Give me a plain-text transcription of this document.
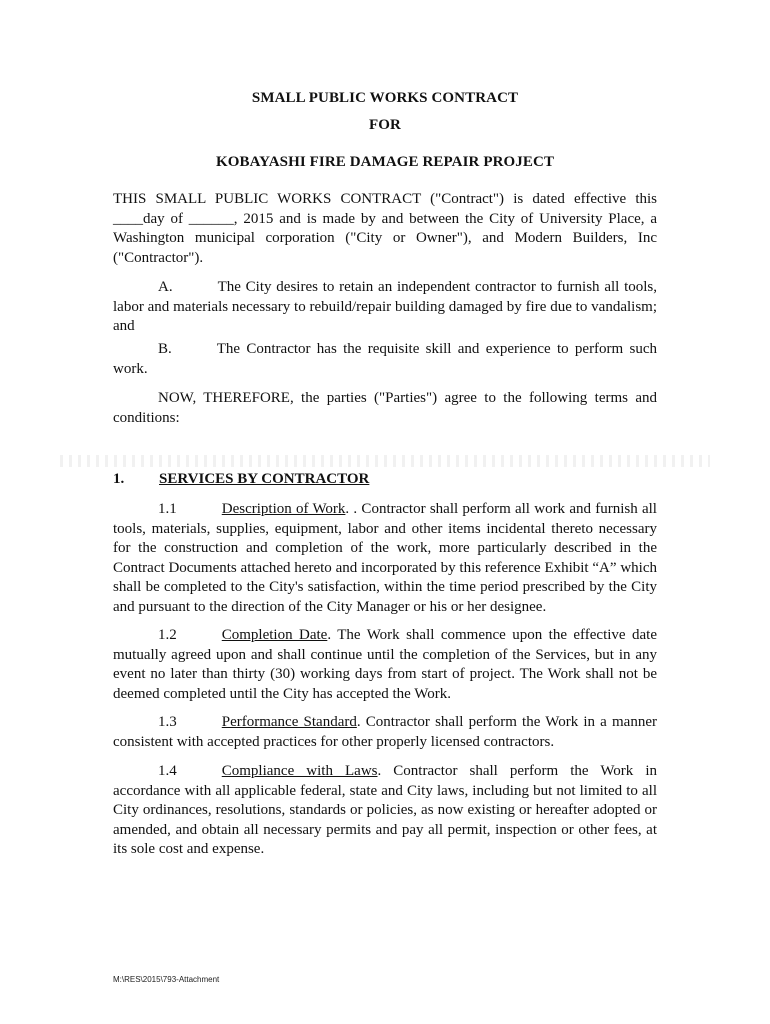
SMALL PUBLIC WORKS CONTRACT
FOR
KOBAYASHI FIRE DAMAGE REPAIR PROJECT
THIS SMALL PUBLIC WORKS CONTRACT ("Contract") is dated effective this ____day of ______, 2015 and is made by and between the City of University Place, a Washington municipal corporation ("City or Owner"), and Modern Builders, Inc ("Contractor").
A.	The City desires to retain an independent contractor to furnish all tools, labor and materials necessary to rebuild/repair building damaged by fire due to vandalism; and
B.	The Contractor has the requisite skill and experience to perform such work.
NOW, THEREFORE, the parties ("Parties") agree to the following terms and conditions:
1. SERVICES BY CONTRACTOR
1.1	Description of Work. . Contractor shall perform all work and furnish all tools, materials, supplies, equipment, labor and other items incidental thereto necessary for the construction and completion of the work, more particularly described in the Contract Documents attached hereto and incorporated by this reference Exhibit “A” which shall be completed to the City's satisfaction, within the time period prescribed by the City and pursuant to the direction of the City Manager or his or her designee.
1.2	Completion Date. The Work shall commence upon the effective date mutually agreed upon and shall continue until the completion of the Services, but in any event no later than thirty (30) working days from start of project. The Work shall not be deemed completed until the City has accepted the Work.
1.3	Performance Standard. Contractor shall perform the Work in a manner consistent with accepted practices for other properly licensed contractors.
1.4	Compliance with Laws. Contractor shall perform the Work in accordance with all applicable federal, state and City laws, including but not limited to all City ordinances, resolutions, standards or policies, as now existing or hereafter adopted or amended, and obtain all necessary permits and pay all permit, inspection or other fees, at its sole cost and expense.
M:\RES\2015\793-Attachment
